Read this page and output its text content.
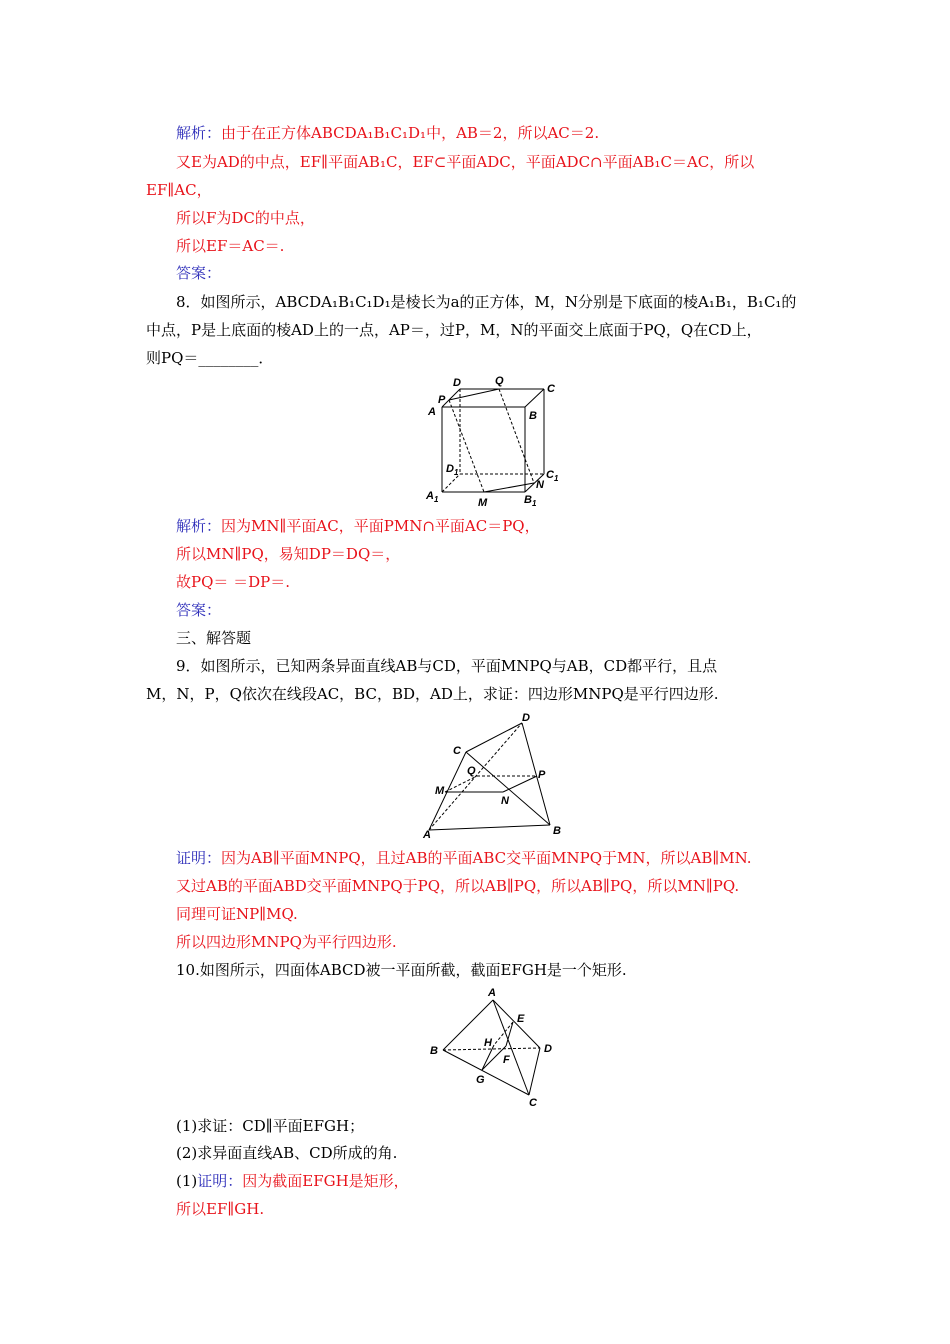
解析：由于在正方体ABCDA₁B₁C₁D₁中，AB＝2，所以AC＝2.
又E为AD的中点，EF∥平面AB₁C，EF⊂平面ADC，平面ADC∩平面AB₁C＝AC，所以
EF∥AC，
所以F为DC的中点，
所以EF＝AC＝.
答案：
8．如图所示，ABCDA₁B₁C₁D₁是棱长为a的正方体，M，N分别是下底面的棱A₁B₁，B₁C₁的
中点，P是上底面的棱AD上的一点，AP＝，过P，M，N的平面交上底面于PQ，Q在CD上，
则PQ＝________．
D	Q
C
P
A	B
$D_1$	$C_1$
N
$A_1$	M	$B_1$
解析：因为MN∥平面AC，平面PMN∩平面AC＝PQ，
所以MN∥PQ，易知DP＝DQ＝，
故PQ＝ ＝DP＝.
答案：
三、解答题
9．如图所示，已知两条异面直线AB与CD，平面MNPQ与AB，CD都平行，且点
M，N，P，Q依次在线段AC，BC，BD，AD上，求证：四边形MNPQ是平行四边形.
D
C
Q	P
M
N
A	B
证明：因为AB∥平面MNPQ，且过AB的平面ABC交平面MNPQ于MN，所以AB∥MN.
又过AB的平面ABD交平面MNPQ于PQ，所以AB∥PQ，所以AB∥PQ，所以MN∥PQ.
同理可证NP∥MQ.
所以四边形MNPQ为平行四边形.
10.如图所示，四面体ABCD被一平面所截，截面EFGH是一个矩形.
A
E
B
H	D
F
G
C
(1)求证：CD∥平面EFGH；
(2)求异面直线AB、CD所成的角.
(1)证明：因为截面EFGH是矩形，
所以EF∥GH.
